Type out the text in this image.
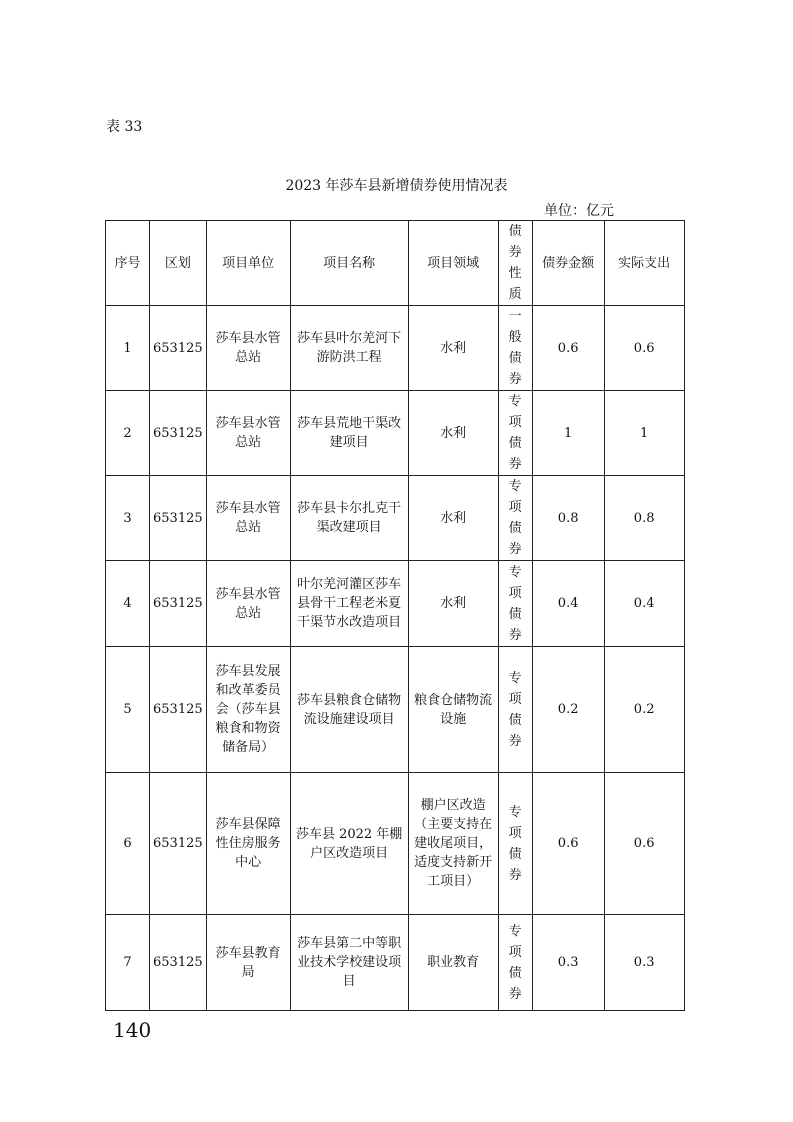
表 33
2023 年莎车县新增债券使用情况表
单位：亿元
序号	区划	项目单位	项目名称	项目领域	债券性质	债券金额	实际支出
1	653125	莎车县水管总站	莎车县叶尔羌河下游防洪工程	水利	一般债券	0.6	0.6
2	653125	莎车县水管总站	莎车县荒地干渠改建项目	水利	专项债券	1	1
3	653125	莎车县水管总站	莎车县卡尔扎克干渠改建项目	水利	专项债券	0.8	0.8
4	653125	莎车县水管总站	叶尔羌河灌区莎车县骨干工程老米夏干渠节水改造项目	水利	专项债券	0.4	0.4
5	653125	莎车县发展和改革委员会（莎车县粮食和物资储备局）	莎车县粮食仓储物流设施建设项目	粮食仓储物流设施	专项债券	0.2	0.2
6	653125	莎车县保障性住房服务中心	莎车县 2022 年棚户区改造项目	棚户区改造（主要支持在建收尾项目，适度支持新开工项目）	专项债券	0.6	0.6
7	653125	莎车县教育局	莎车县第二中等职业技术学校建设项目	职业教育	专项债券	0.3	0.3
140
